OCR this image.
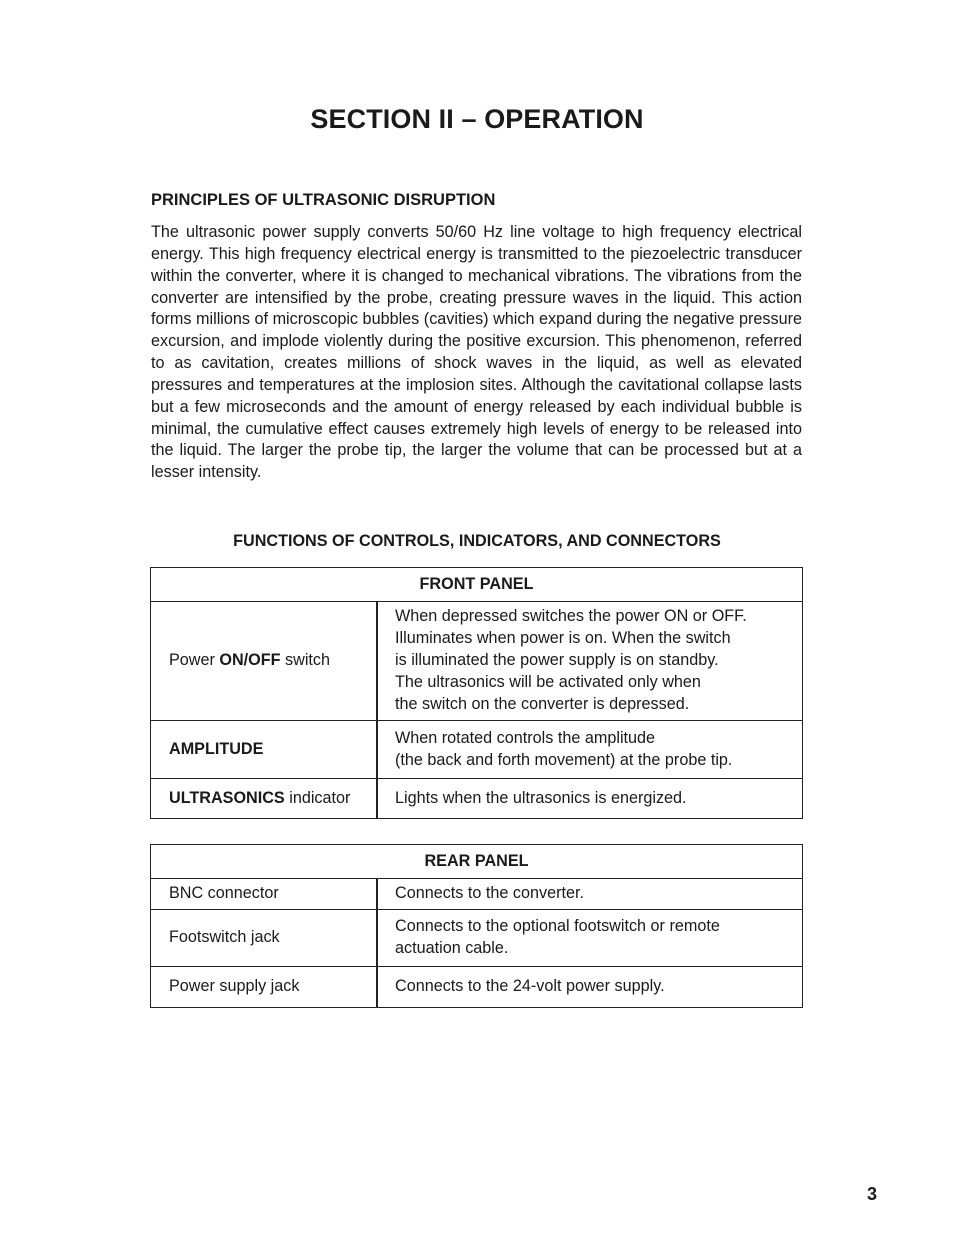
SECTION II – OPERATION
PRINCIPLES OF ULTRASONIC DISRUPTION

The ultrasonic power supply converts 50/60 Hz line voltage to high frequency electrical energy. This high frequency electrical energy is transmitted to the piezoelectric transducer within the converter, where it is changed to mechanical vibrations. The vibrations from the converter are intensified by the probe, creating pressure waves in the liquid. This action forms millions of microscopic bubbles (cavities) which expand during the negative pressure excursion, and implode violently during the positive excursion. This phenomenon, referred to as cavitation, creates millions of shock waves in the liquid, as well as elevated pressures and temperatures at the implosion sites. Although the cavitational collapse lasts but a few microseconds and the amount of energy released by each individual bubble is minimal, the cumulative effect causes extremely high levels of energy to be released into the liquid. The larger the probe tip, the larger the volume that can be processed but at a lesser intensity.

FUNCTIONS OF CONTROLS, INDICATORS, AND CONNECTORS
FRONT PANEL	
Power ON/OFF switch	When depressed switches the power ON or OFF.
Illuminates when power is on. When the switch
is illuminated the power supply is on standby.
The ultrasonics will be activated only when
the switch on the converter is depressed.

AMPLITUDE	When rotated controls the amplitude
(the back and forth movement) at the probe tip.

ULTRASONICS indicator	Lights when the ultrasonics is energized.
REAR PANEL	
BNC connector	Connects to the converter.

Footswitch jack	Connects to the optional footswitch or remote
actuation cable.

Power supply jack	Connects to the 24-volt power supply.
3
